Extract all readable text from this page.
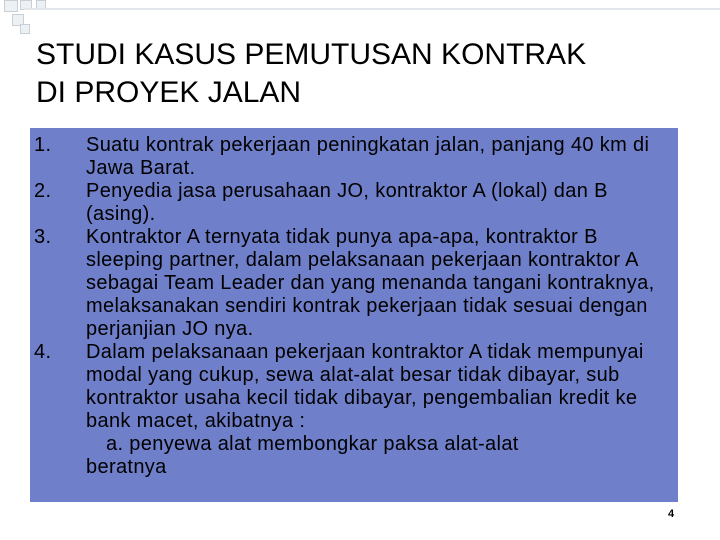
STUDI KASUS PEMUTUSAN KONTRAK
DI PROYEK JALAN
1. Suatu kontrak pekerjaan peningkatan jalan, panjang 40 km di Jawa Barat.
2. Penyedia jasa perusahaan JO, kontraktor A (lokal) dan B (asing).
3. Kontraktor A ternyata tidak punya apa-apa, kontraktor B sleeping partner, dalam pelaksanaan pekerjaan kontraktor A sebagai Team Leader dan yang menanda tangani kontraknya, melaksanakan sendiri kontrak pekerjaan tidak sesuai dengan perjanjian JO nya.
4. Dalam pelaksanaan pekerjaan kontraktor A tidak mempunyai modal yang cukup, sewa alat-alat besar tidak dibayar, sub kontraktor usaha kecil tidak dibayar, pengembalian kredit ke bank macet, akibatnya :
a. penyewa alat membongkar paksa alat-alat
beratnya
4
